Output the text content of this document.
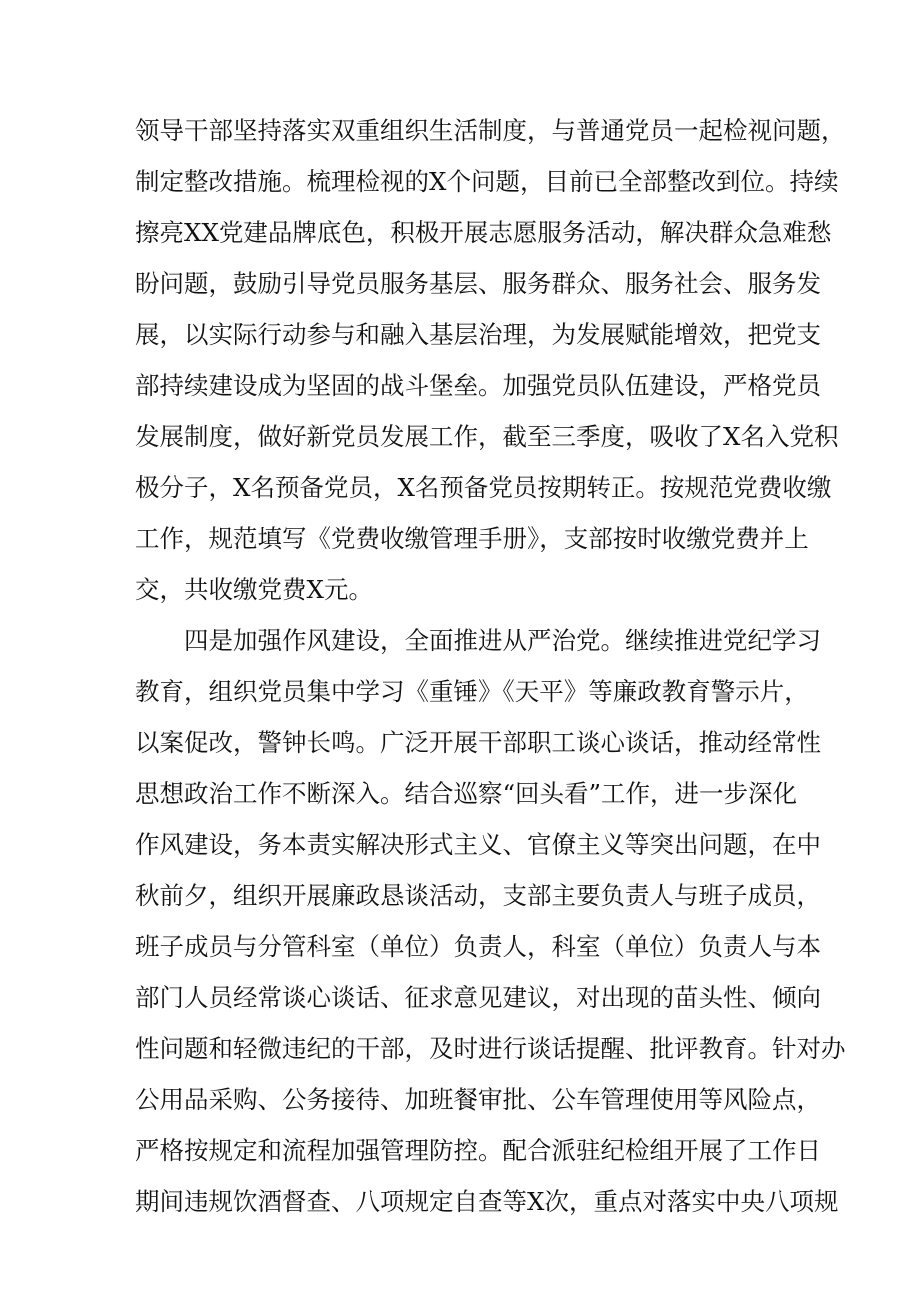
领导干部坚持落实双重组织生活制度，与普通党员一起检视问题，
制定整改措施。梳理检视的X个问题，目前已全部整改到位。持续
擦亮XX党建品牌底色，积极开展志愿服务活动，解决群众急难愁
盼问题，鼓励引导党员服务基层、服务群众、服务社会、服务发
展，以实际行动参与和融入基层治理，为发展赋能增效，把党支
部持续建设成为坚固的战斗堡垒。加强党员队伍建设，严格党员
发展制度，做好新党员发展工作，截至三季度，吸收了X名入党积
极分子，X名预备党员，X名预备党员按期转正。按规范党费收缴
工作，规范填写《党费收缴管理手册》，支部按时收缴党费并上
交，共收缴党费X元。
四是加强作风建设，全面推进从严治党。继续推进党纪学习
教育，组织党员集中学习《重锤》《天平》等廉政教育警示片，
以案促改，警钟长鸣。广泛开展干部职工谈心谈话，推动经常性
思想政治工作不断深入。结合巡察“回头看”工作，进一步深化
作风建设，务本责实解决形式主义、官僚主义等突出问题，在中
秋前夕，组织开展廉政恳谈活动，支部主要负责人与班子成员，
班子成员与分管科室（单位）负责人，科室（单位）负责人与本
部门人员经常谈心谈话、征求意见建议，对出现的苗头性、倾向
性问题和轻微违纪的干部，及时进行谈话提醒、批评教育。针对办
公用品采购、公务接待、加班餐审批、公车管理使用等风险点，
严格按规定和流程加强管理防控。配合派驻纪检组开展了工作日
期间违规饮酒督查、八项规定自查等X次，重点对落实中央八项规
